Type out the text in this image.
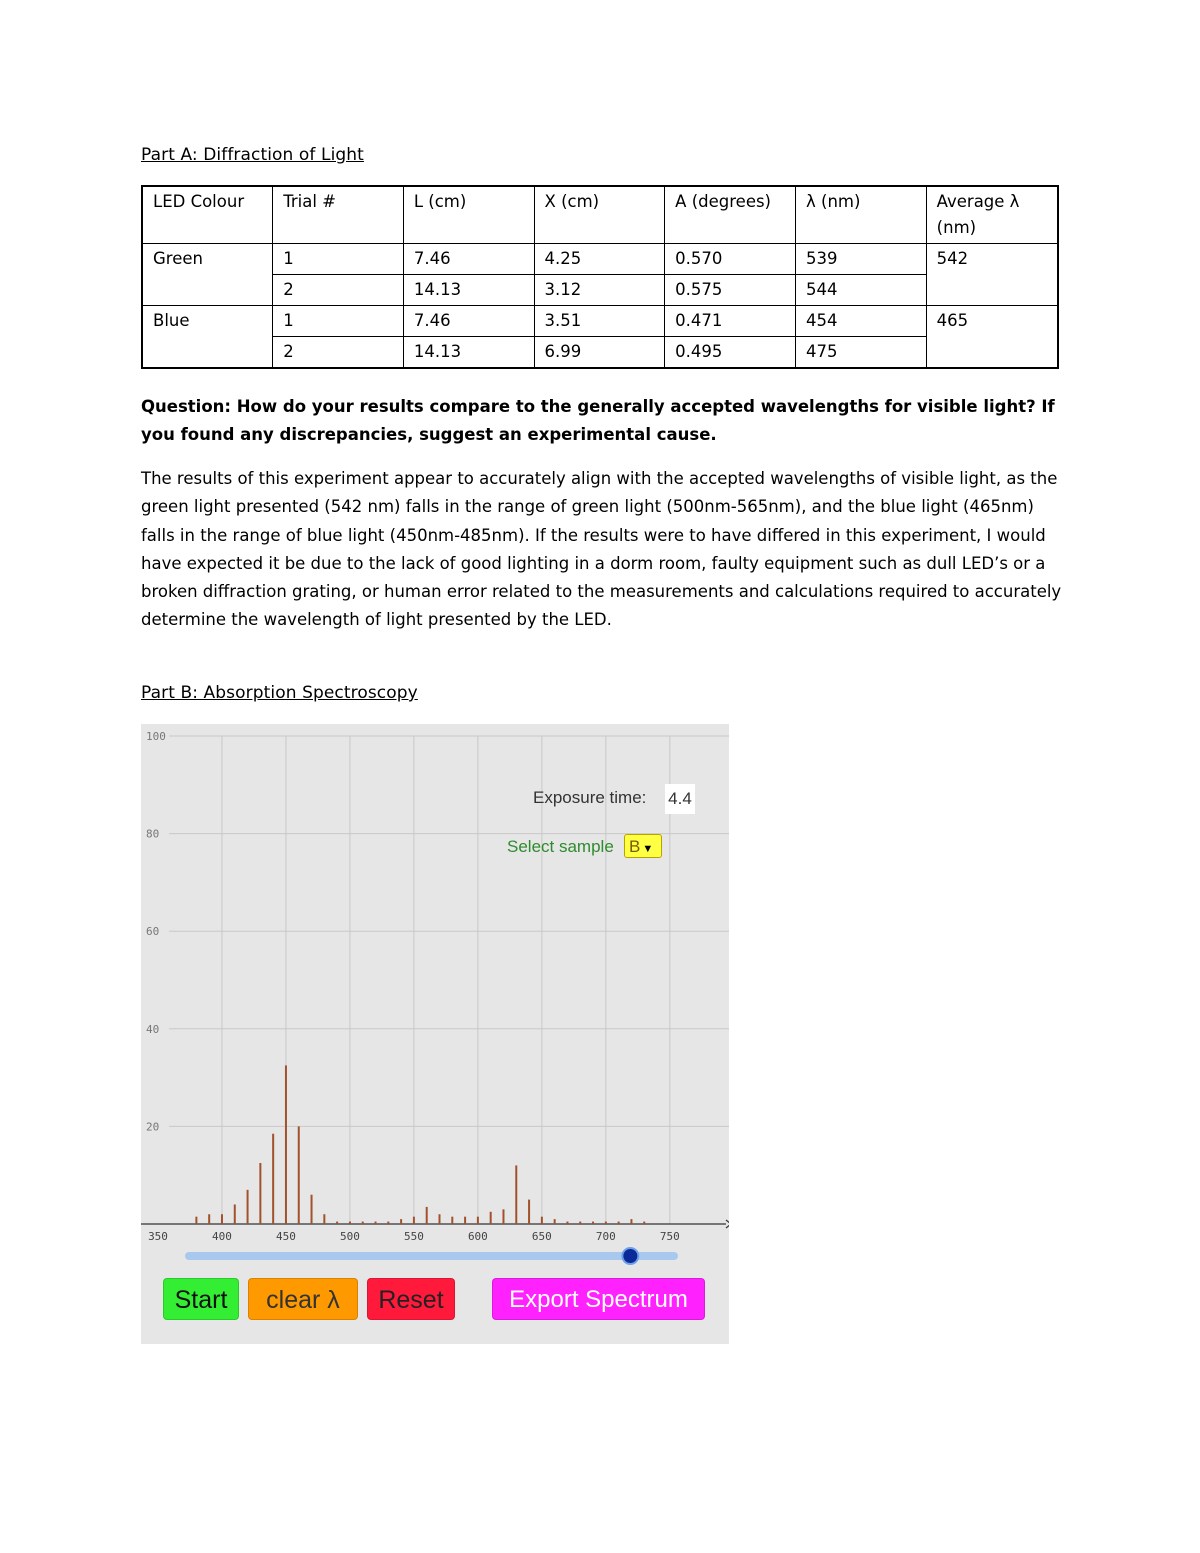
Part A: Diffraction of Light
LED Colour	Trial #	L (cm)	X (cm)	A (degrees)	λ (nm)	Average λ (nm)
Green	1	7.46	4.25	0.570	539	542
	2	14.13	3.12	0.575	544	
Blue	1	7.46	3.51	0.471	454	465
	2	14.13	6.99	0.495	475	
Question: How do your results compare to the generally accepted wavelengths for visible light? If you found any discrepancies, suggest an experimental cause.
The results of this experiment appear to accurately align with the accepted wavelengths of visible light, as the green light presented (542 nm) falls in the range of green light (500nm-565nm), and the blue light (465nm) falls in the range of blue light (450nm-485nm). If the results were to have differed in this experiment, I would have expected it be due to the lack of good lighting in a dorm room, faulty equipment such as dull LED’s or a broken diffraction grating, or human error related to the measurements and calculations required to accurately determine the wavelength of light presented by the LED.
Part B: Absorption Spectroscopy
20
40
60
80
100
350	400	450	500	550	600	650	700	750
Exposure time: 4.4
Select sample B ▼
Start	clear λ	Reset	Export Spectrum
